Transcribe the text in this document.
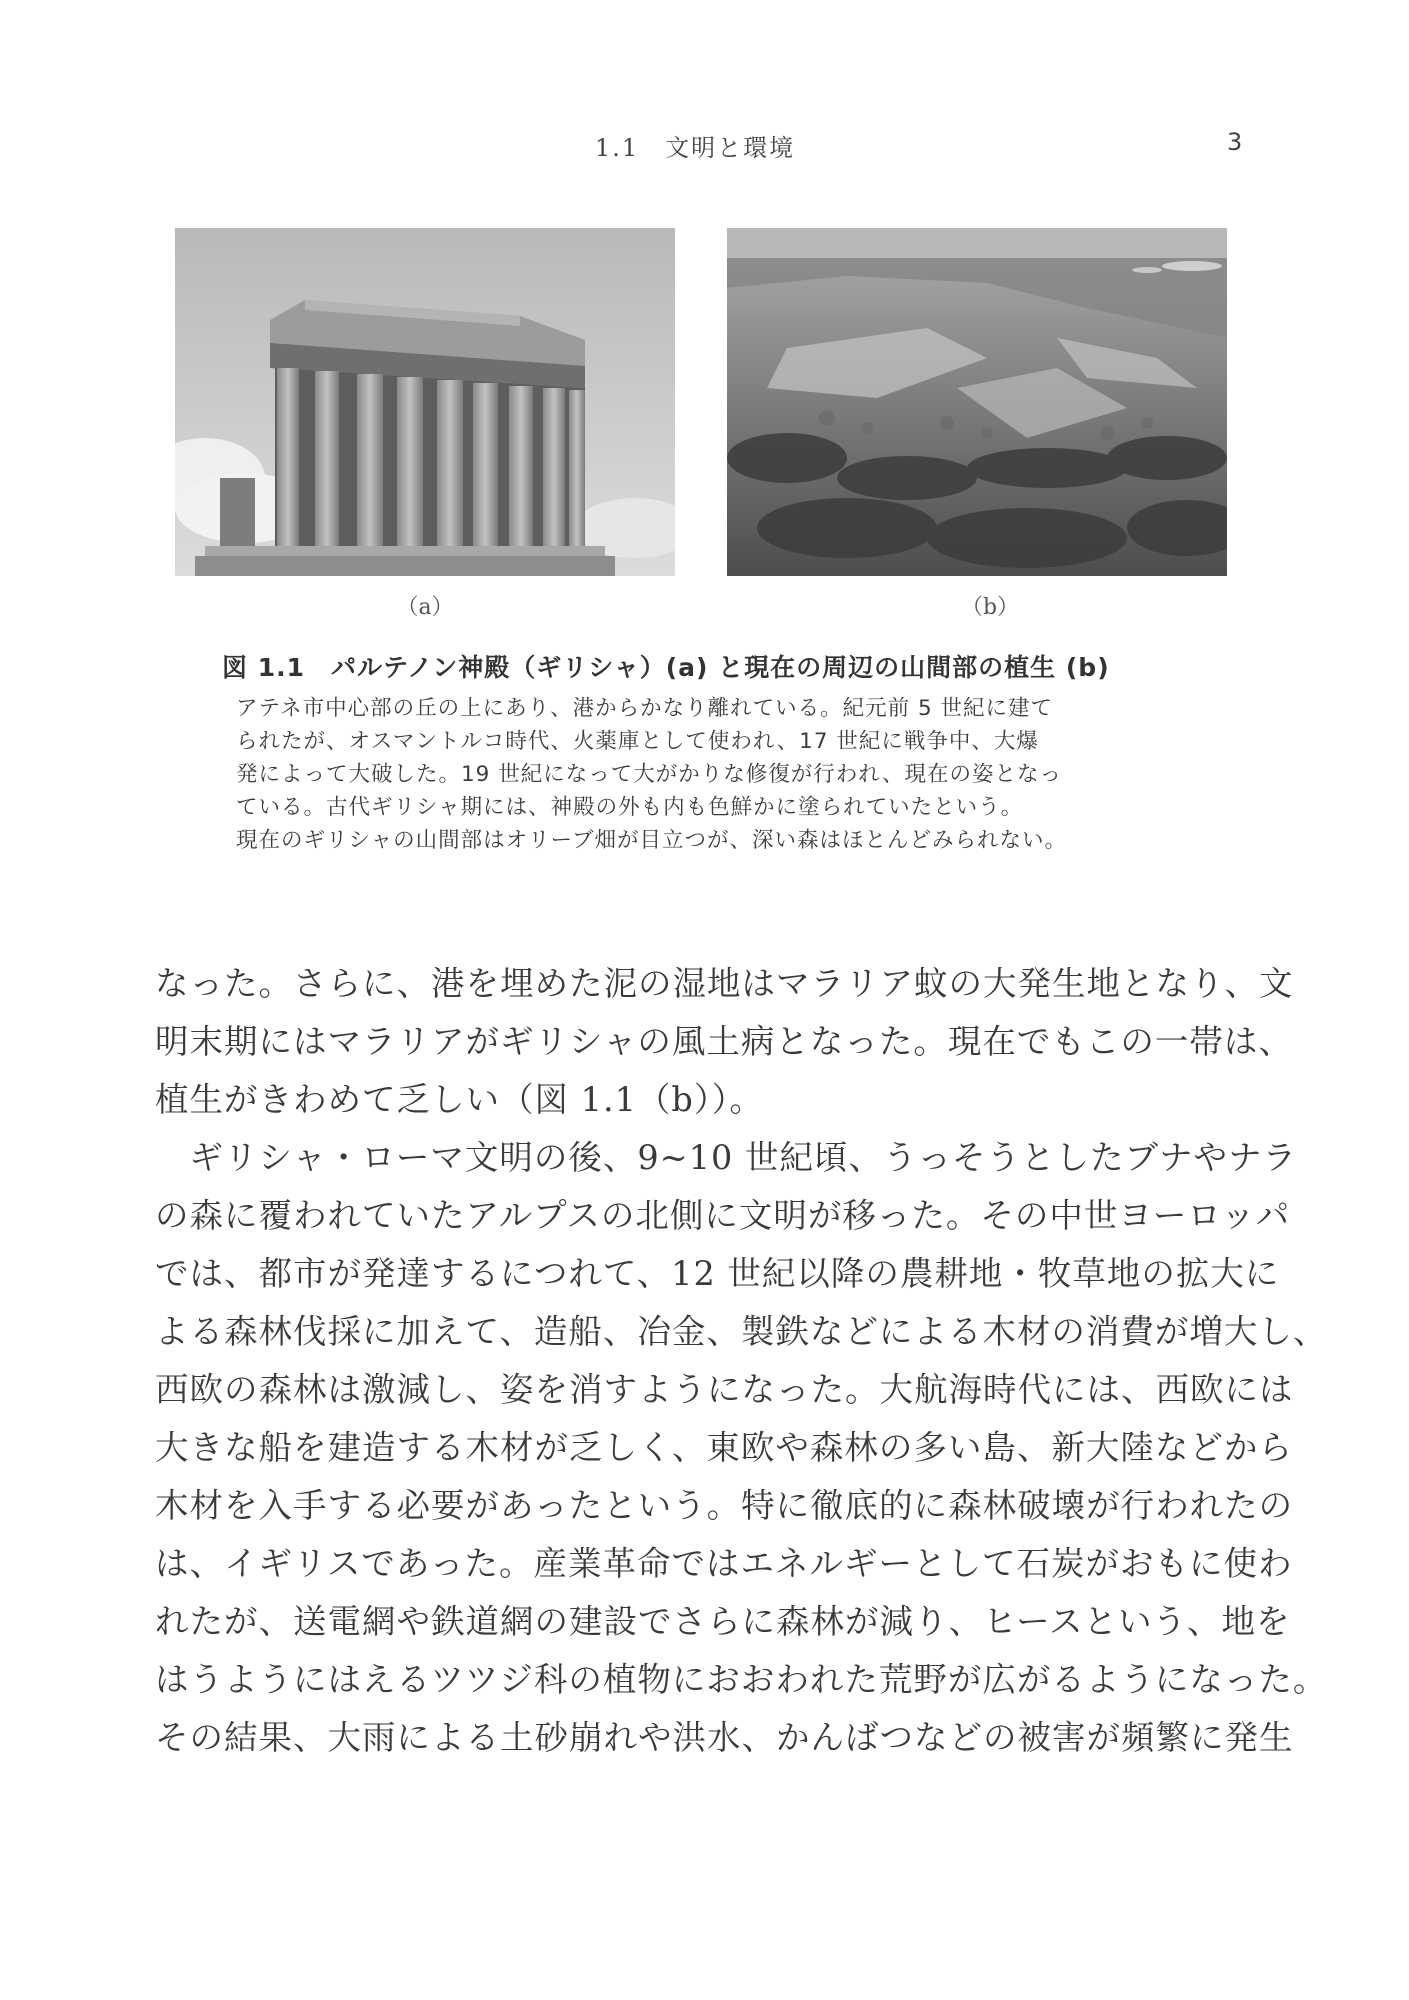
1.1　文明と環境	3
（a）	（b）
図 1.1　パルテノン神殿（ギリシャ）(a) と現在の周辺の山間部の植生 (b)
アテネ市中心部の丘の上にあり、港からかなり離れている。紀元前 5 世紀に建て
られたが、オスマントルコ時代、火薬庫として使われ、17 世紀に戦争中、大爆
発によって大破した。19 世紀になって大がかりな修復が行われ、現在の姿となっ
ている。古代ギリシャ期には、神殿の外も内も色鮮かに塗られていたという。
現在のギリシャの山間部はオリーブ畑が目立つが、深い森はほとんどみられない。
なった。さらに、港を埋めた泥の湿地はマラリア蚊の大発生地となり、文
明末期にはマラリアがギリシャの風土病となった。現在でもこの一帯は、
植生がきわめて乏しい（図 1.1（b））。
　ギリシャ・ローマ文明の後、9~10 世紀頃、うっそうとしたブナやナラ
の森に覆われていたアルプスの北側に文明が移った。その中世ヨーロッパ
では、都市が発達するにつれて、12 世紀以降の農耕地・牧草地の拡大に
よる森林伐採に加えて、造船、冶金、製鉄などによる木材の消費が増大し、
西欧の森林は激減し、姿を消すようになった。大航海時代には、西欧には
大きな船を建造する木材が乏しく、東欧や森林の多い島、新大陸などから
木材を入手する必要があったという。特に徹底的に森林破壊が行われたの
は、イギリスであった。産業革命ではエネルギーとして石炭がおもに使わ
れたが、送電網や鉄道網の建設でさらに森林が減り、ヒースという、地を
はうようにはえるツツジ科の植物におおわれた荒野が広がるようになった。
その結果、大雨による土砂崩れや洪水、かんばつなどの被害が頻繁に発生
